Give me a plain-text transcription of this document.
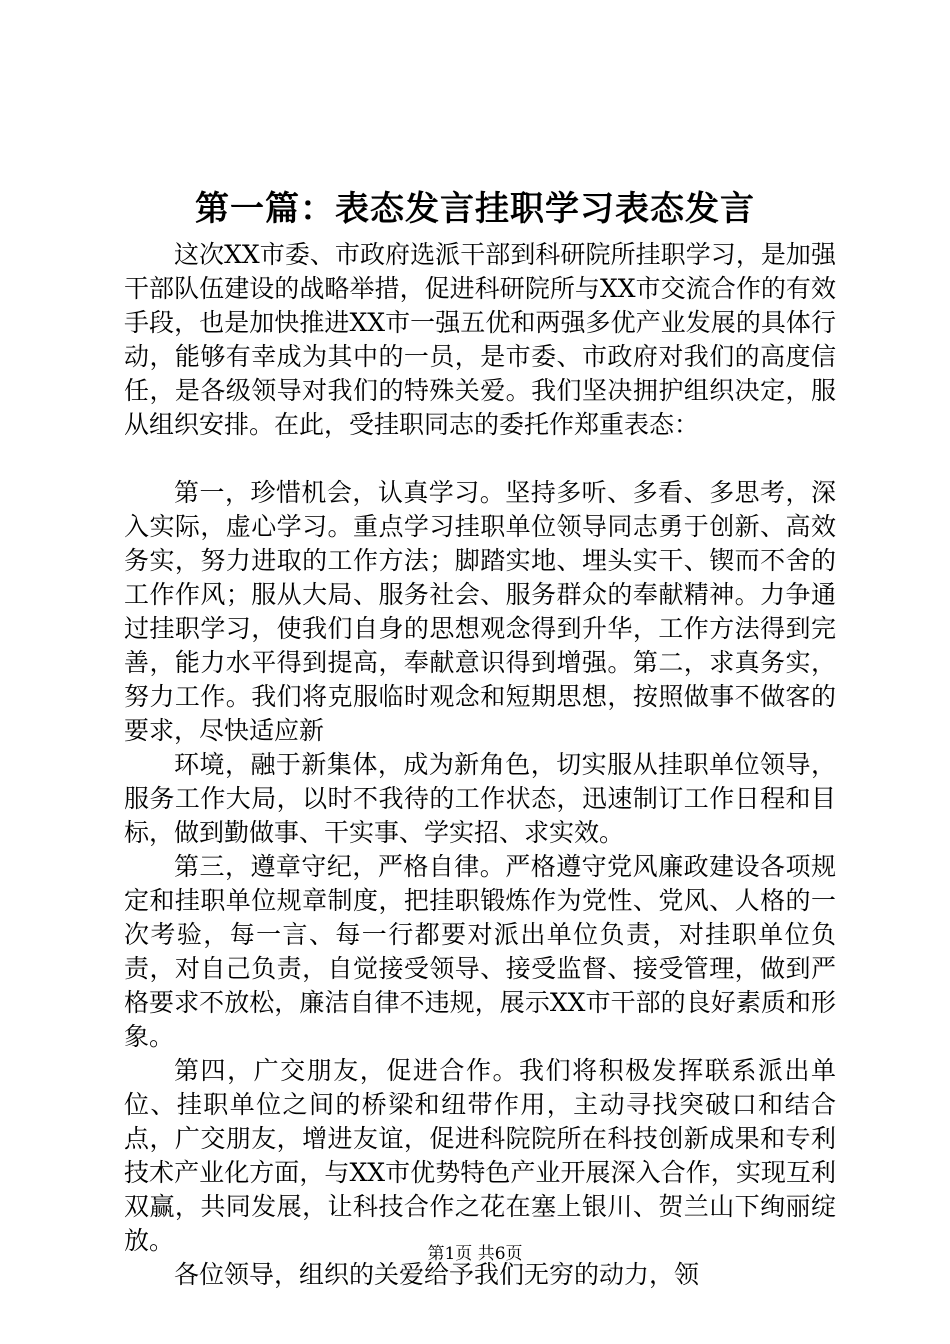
第一篇：表态发言挂职学习表态发言

这次XX市委、市政府选派干部到科研院所挂职学习，是加强干部队伍建设的战略举措，促进科研院所与XX市交流合作的有效手段，也是加快推进XX市一强五优和两强多优产业发展的具体行动，能够有幸成为其中的一员，是市委、市政府对我们的高度信任，是各级领导对我们的特殊关爱。我们坚决拥护组织决定，服从组织安排。在此，受挂职同志的委托作郑重表态：

第一，珍惜机会，认真学习。坚持多听、多看、多思考，深入实际，虚心学习。重点学习挂职单位领导同志勇于创新、高效务实，努力进取的工作方法；脚踏实地、埋头实干、锲而不舍的工作作风；服从大局、服务社会、服务群众的奉献精神。力争通过挂职学习，使我们自身的思想观念得到升华，工作方法得到完善，能力水平得到提高，奉献意识得到增强。第二，求真务实，努力工作。我们将克服临时观念和短期思想，按照做事不做客的要求，尽快适应新

环境，融于新集体，成为新角色，切实服从挂职单位领导，服务工作大局，以时不我待的工作状态，迅速制订工作日程和目标，做到勤做事、干实事、学实招、求实效。

第三，遵章守纪，严格自律。严格遵守党风廉政建设各项规定和挂职单位规章制度，把挂职锻炼作为党性、党风、人格的一次考验，每一言、每一行都要对派出单位负责，对挂职单位负责，对自己负责，自觉接受领导、接受监督、接受管理，做到严格要求不放松，廉洁自律不违规，展示XX市干部的良好素质和形象。

第四，广交朋友，促进合作。我们将积极发挥联系派出单位、挂职单位之间的桥梁和纽带作用，主动寻找突破口和结合点，广交朋友，增进友谊，促进科院院所在科技创新成果和专利技术产业化方面，与XX市优势特色产业开展深入合作，实现互利双赢，共同发展，让科技合作之花在塞上银川、贺兰山下绚丽绽放。

各位领导，组织的关爱给予我们无穷的动力，领

第1页 共6页
